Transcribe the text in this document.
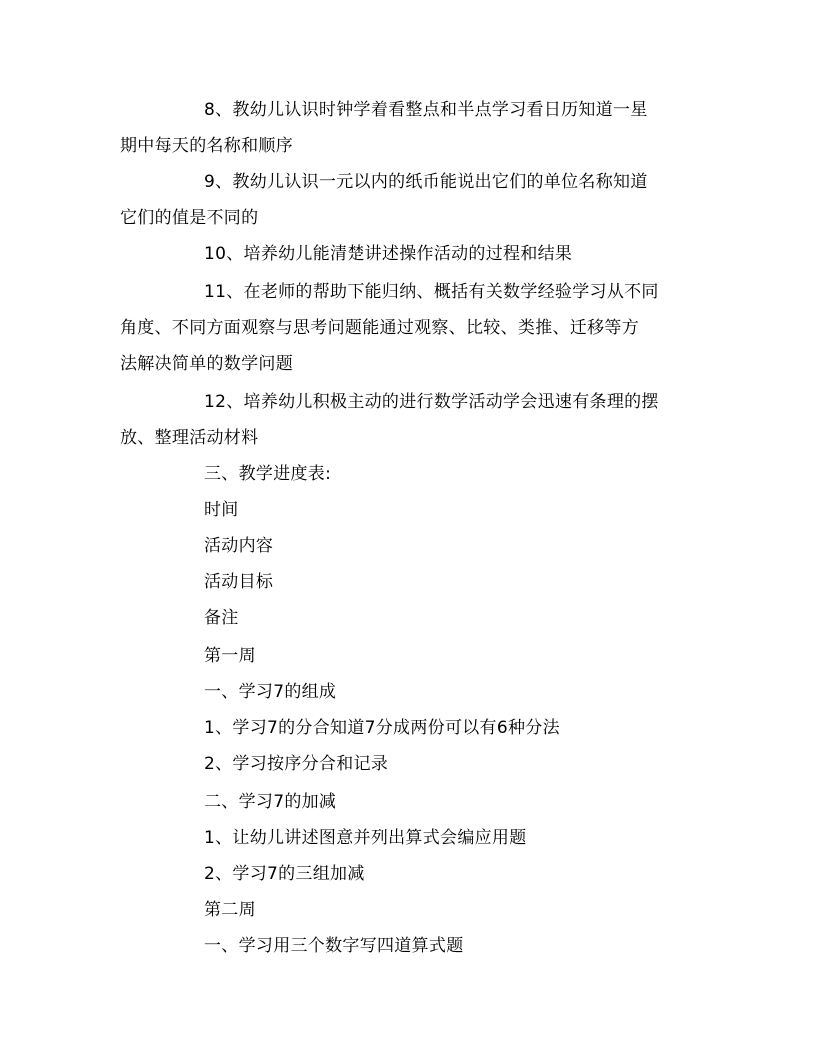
8、教幼儿认识时钟学着看整点和半点学习看日历知道一星
期中每天的名称和顺序
9、教幼儿认识一元以内的纸币能说出它们的单位名称知道
它们的值是不同的
10、培养幼儿能清楚讲述操作活动的过程和结果
11、在老师的帮助下能归纳、概括有关数学经验学习从不同
角度、不同方面观察与思考问题能通过观察、比较、类推、迁移等方
法解决简单的数学问题
12、培养幼儿积极主动的进行数学活动学会迅速有条理的摆
放、整理活动材料
三、教学进度表:
时间
活动内容
活动目标
备注
第一周
一、学习7的组成
1、学习7的分合知道7分成两份可以有6种分法
2、学习按序分合和记录
二、学习7的加减
1、让幼儿讲述图意并列出算式会编应用题
2、学习7的三组加减
第二周
一、学习用三个数字写四道算式题
